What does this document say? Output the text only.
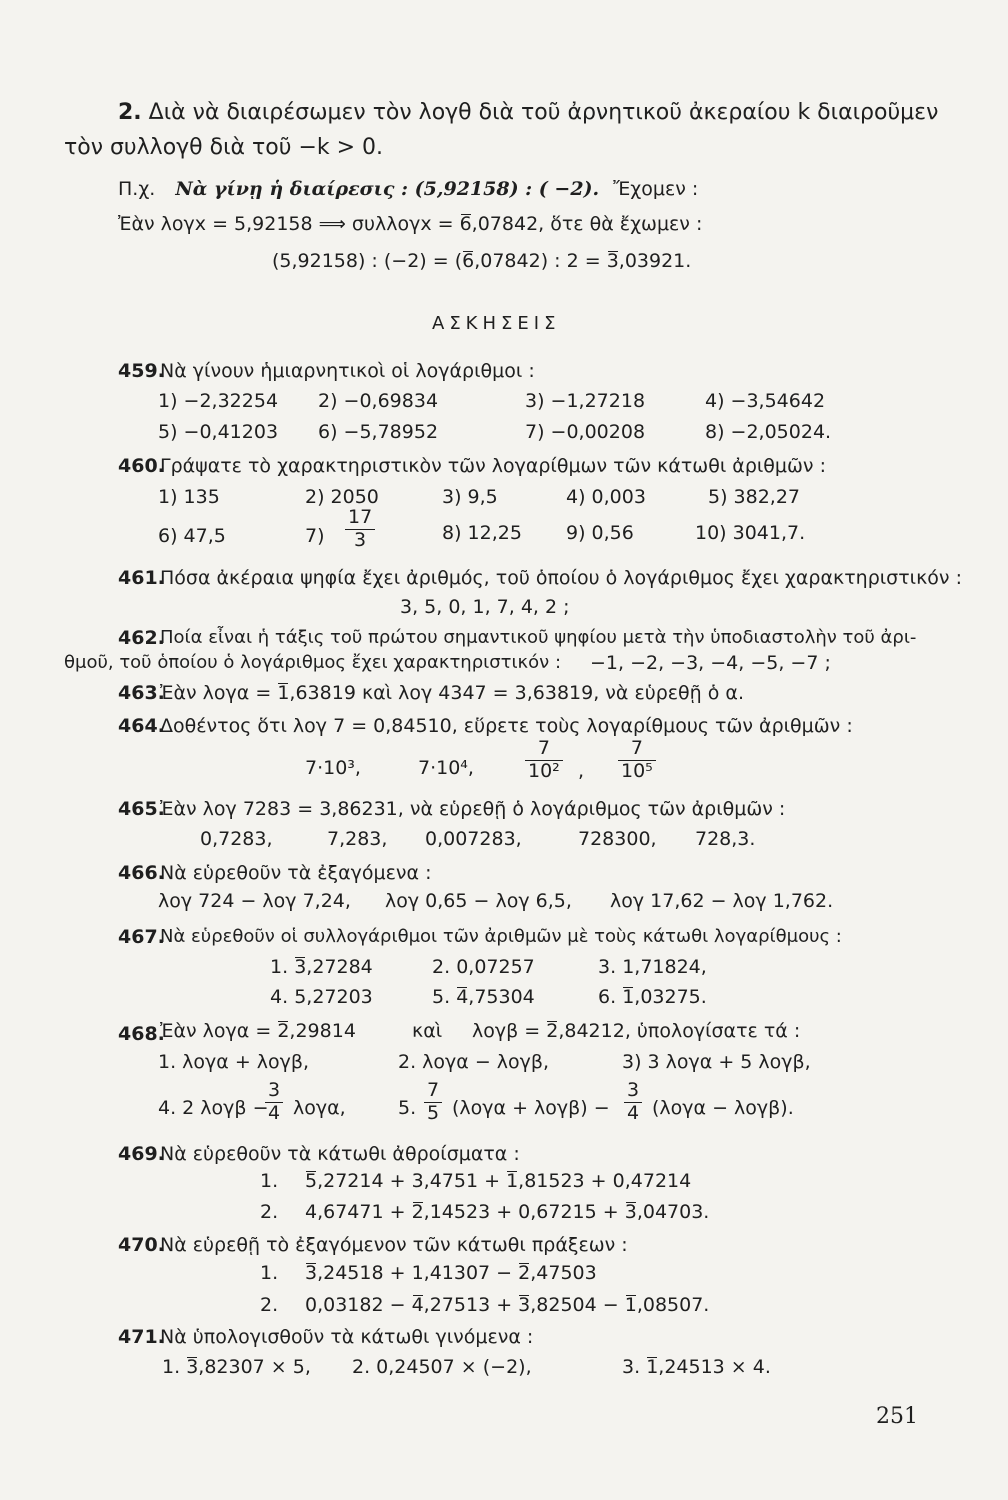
2. Διὰ νὰ διαιρέσωμεν τὸν λογθ διὰ τοῦ ἀρνητικοῦ ἀκεραίου k διαιροῦμεν
τὸν συλλογθ διὰ τοῦ −k > 0.
Π.χ. Νὰ γίνῃ ἡ διαίρεσις : (5,92158) : ( −2). Ἔχομεν :
Ἐὰν λογx = 5,92158 ⟹ συλλογx = 6,07842, ὅτε θὰ ἔχωμεν :
(5,92158) : (−2) = (6,07842) : 2 = 3,03921.
ΑΣΚΗΣΕΙΣ
459.
Νὰ γίνουν ἡμιαρνητικοὶ οἱ λογάριθμοι :
1) −2,32254 2) −0,69834	3) −1,27218	4) −3,54642
5) −0,41203 6) −5,78952	7) −0,00208	8) −2,05024.
460.
Γράψατε τὸ χαρακτηριστικὸν τῶν λογαρίθμων τῶν κάτωθι ἀριθμῶν :
1) 135	2) 2050	3) 9,5	4) 0,003	5) 382,27
6) 47,5	7)
17
3	8) 12,25 9) 0,56	10) 3041,7.
461.
Πόσα ἀκέραια ψηφία ἔχει ἀριθμός, τοῦ ὁποίου ὁ λογάριθμος ἔχει χαρακτηριστικόν :
3, 5, 0, 1, 7, 4, 2 ;
462.
Ποία εἶναι ἡ τάξις τοῦ πρώτου σημαντικοῦ ψηφίου μετὰ τὴν ὑποδιαστολὴν τοῦ ἀρι-
θμοῦ, τοῦ ὁποίου ὁ λογάριθμος ἔχει χαρακτηριστικόν : −1, −2, −3, −4, −5, −7 ;
463.
Ἐὰν λογα = 1,63819 καὶ λογ 4347 = 3,63819, νὰ εὑρεθῇ ὁ α.
464.
Δοθέντος ὅτι λογ 7 = 0,84510, εὕρετε τοὺς λογαρίθμους τῶν ἀριθμῶν :
7·10³,	7·10⁴,
7
10² ,
7
10⁵
465.
Ἐὰν λογ 7283 = 3,86231, νὰ εὑρεθῇ ὁ λογάριθμος τῶν ἀριθμῶν :
0,7283,	7,283, 0,007283,	728300, 728,3.
466.
Νὰ εὑρεθοῦν τὰ ἐξαγόμενα :
λογ 724 − λογ 7,24, λογ 0,65 − λογ 6,5, λογ 17,62 − λογ 1,762.
467.
Νὰ εὑρεθοῦν οἱ συλλογάριθμοι τῶν ἀριθμῶν μὲ τοὺς κάτωθι λογαρίθμους :
1. 3,27284	2. 0,07257	3. 1,71824,
4. 5,27203	5. 4,75304	6. 1,03275.
468.
Ἐὰν λογα = 2,29814	καὶ λογβ = 2,84212, ὑπολογίσατε τά :
1. λογα + λογβ,	2. λογα − λογβ,	3) 3 λογα + 5 λογβ,
4. 2 λογβ −
3
4 λογα,	5.
7
5 (λογα + λογβ) −
3
4 (λογα − λογβ).
469.
Νὰ εὑρεθοῦν τὰ κάτωθι ἀθροίσματα :
1. 5,27214 + 3,4751 + 1,81523 + 0,47214
2. 4,67471 + 2,14523 + 0,67215 + 3,04703.
470.
Νὰ εὑρεθῇ τὸ ἐξαγόμενον τῶν κάτωθι πράξεων :
1. 3,24518 + 1,41307 − 2,47503
2. 0,03182 − 4,27513 + 3,82504 − 1,08507.
471.
Νὰ ὑπολογισθοῦν τὰ κάτωθι γινόμενα :
1. 3,82307 × 5, 2. 0,24507 × (−2),	3. 1,24513 × 4.
251
